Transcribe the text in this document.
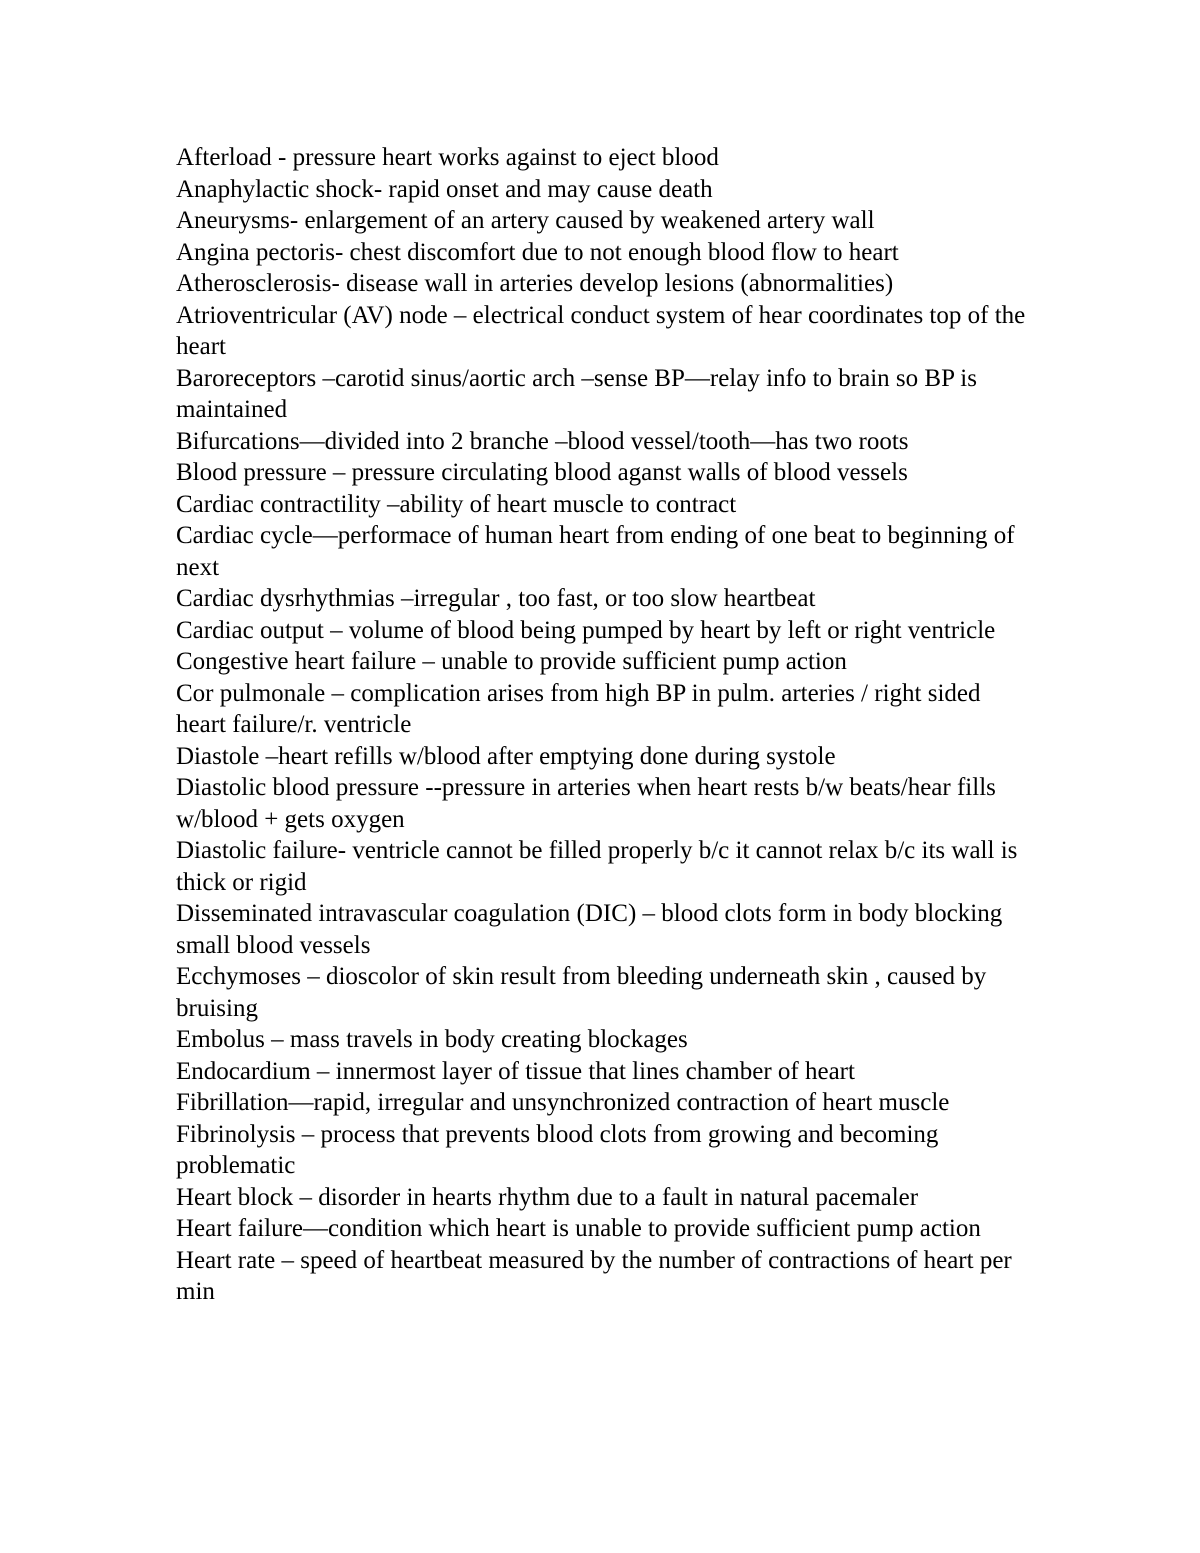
Afterload - pressure heart works against to eject blood
Anaphylactic shock- rapid onset and may cause death
Aneurysms- enlargement of an artery caused by weakened artery wall
Angina pectoris- chest discomfort due to not enough blood flow to heart
Atherosclerosis- disease wall in arteries develop lesions (abnormalities)
Atrioventricular (AV) node – electrical conduct system of hear coordinates top of the heart
Baroreceptors –carotid sinus/aortic arch –sense BP—relay info to brain so BP is maintained
Bifurcations—divided into 2 branche –blood vessel/tooth—has two roots
Blood pressure – pressure circulating blood aganst walls of blood vessels
Cardiac contractility –ability of heart muscle to contract
Cardiac cycle—performace of human heart from ending of one beat to beginning of next
Cardiac dysrhythmias –irregular , too fast, or too slow heartbeat
Cardiac output – volume of blood being pumped by heart by left or right ventricle
Congestive heart failure – unable to provide sufficient pump action
Cor pulmonale – complication arises from high BP in pulm. arteries / right sided heart failure/r. ventricle
Diastole –heart refills w/blood after emptying done during systole
Diastolic blood pressure --pressure in arteries when heart rests b/w beats/hear fills w/blood + gets oxygen
Diastolic failure- ventricle cannot be filled properly b/c it cannot relax b/c its wall is thick or rigid
Disseminated intravascular coagulation (DIC) – blood clots form in body blocking small blood vessels
Ecchymoses – dioscolor of skin result from bleeding underneath skin , caused by bruising
Embolus – mass travels in body creating blockages
Endocardium – innermost layer of tissue that lines chamber of heart
Fibrillation—rapid, irregular and unsynchronized contraction of heart muscle
Fibrinolysis – process that prevents blood clots from growing and becoming problematic
Heart block – disorder in hearts rhythm due to a fault in natural pacemaler
Heart failure—condition which heart is unable to provide sufficient pump action
Heart rate – speed of heartbeat measured by the number of contractions of heart per min
